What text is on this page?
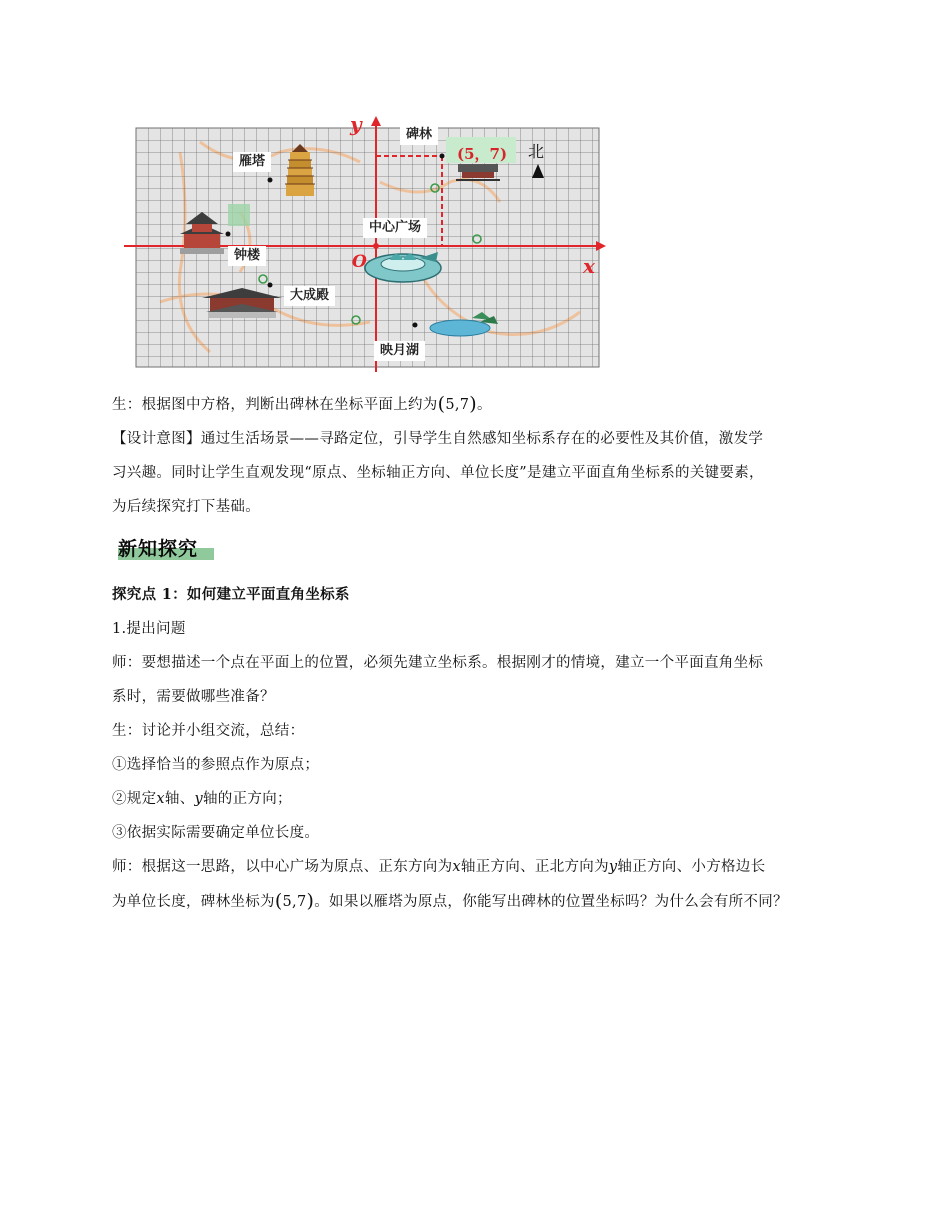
y
x
O
(5，7) 北
碑林
雁塔
钟楼
中心广场
大成殿
映月湖

生：根据图中方格，判断出碑林在坐标平面上约为(5,7)。

【设计意图】通过生活场景——寻路定位，引导学生自然感知坐标系存在的必要性及其价值，激发学

习兴趣。同时让学生直观发现“原点、坐标轴正方向、单位长度”是建立平面直角坐标系的关键要素，

为后续探究打下基础。

新知探究

探究点 1：如何建立平面直角坐标系

1.提出问题

师：要想描述一个点在平面上的位置，必须先建立坐标系。根据刚才的情境，建立一个平面直角坐标

系时，需要做哪些准备？

生：讨论并小组交流，总结：

①选择恰当的参照点作为原点；

②规定x轴、y轴的正方向；

③依据实际需要确定单位长度。

师：根据这一思路，以中心广场为原点、正东方向为x轴正方向、正北方向为y轴正方向、小方格边长

为单位长度，碑林坐标为(5,7)。如果以雁塔为原点，你能写出碑林的位置坐标吗？为什么会有所不同？
